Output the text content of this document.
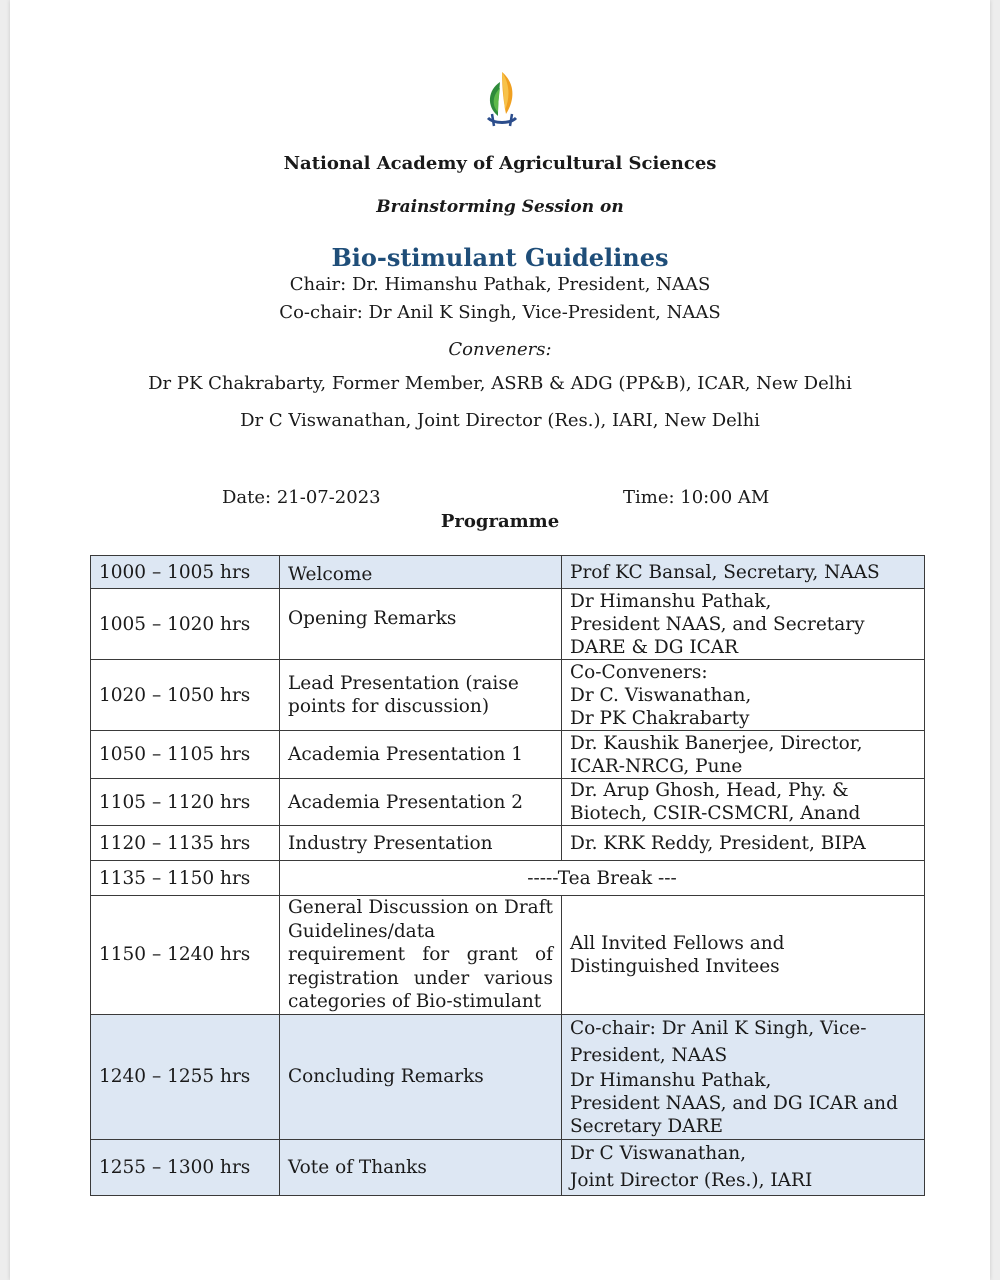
National Academy of Agricultural Sciences
Brainstorming Session on
Bio-stimulant Guidelines
Chair: Dr. Himanshu Pathak, President, NAAS
Co-chair: Dr Anil K Singh, Vice-President, NAAS
Conveners:
Dr PK Chakrabarty, Former Member, ASRB & ADG (PP&B), ICAR, New Delhi
Dr C Viswanathan, Joint Director (Res.), IARI, New Delhi
Date: 21-07-2023	Time: 10:00 AM
Programme
1000 – 1005 hrs	Welcome	Prof KC Bansal, Secretary, NAAS
1005 – 1020 hrs	Opening Remarks	Dr Himanshu Pathak,
President NAAS, and Secretary
DARE & DG ICAR

1020 – 1050 hrs	Lead Presentation (raise
points for discussion)	Co-Conveners:
Dr C. Viswanathan,
Dr PK Chakrabarty

1050 – 1105 hrs	Academia Presentation 1	Dr. Kaushik Banerjee, Director,
ICAR-NRCG, Pune

1105 – 1120 hrs	Academia Presentation 2	Dr. Arup Ghosh, Head, Phy. &
Biotech, CSIR-CSMCRI, Anand

1120 – 1135 hrs	Industry Presentation	Dr. KRK Reddy, President, BIPA
1135 – 1150 hrs	-----Tea Break ---	
1150 – 1240 hrs	General Discussion on Draft Guidelines/data requirement for grant of registration under various categories of Bio-stimulant	All Invited Fellows and
Distinguished Invitees

1240 – 1255 hrs	Concluding Remarks	Co-chair: Dr Anil K Singh, Vice-
President, NAAS
Dr Himanshu Pathak,
President NAAS, and DG ICAR and
Secretary DARE

1255 – 1300 hrs	Vote of Thanks	Dr C Viswanathan,
Joint Director (Res.), IARI
